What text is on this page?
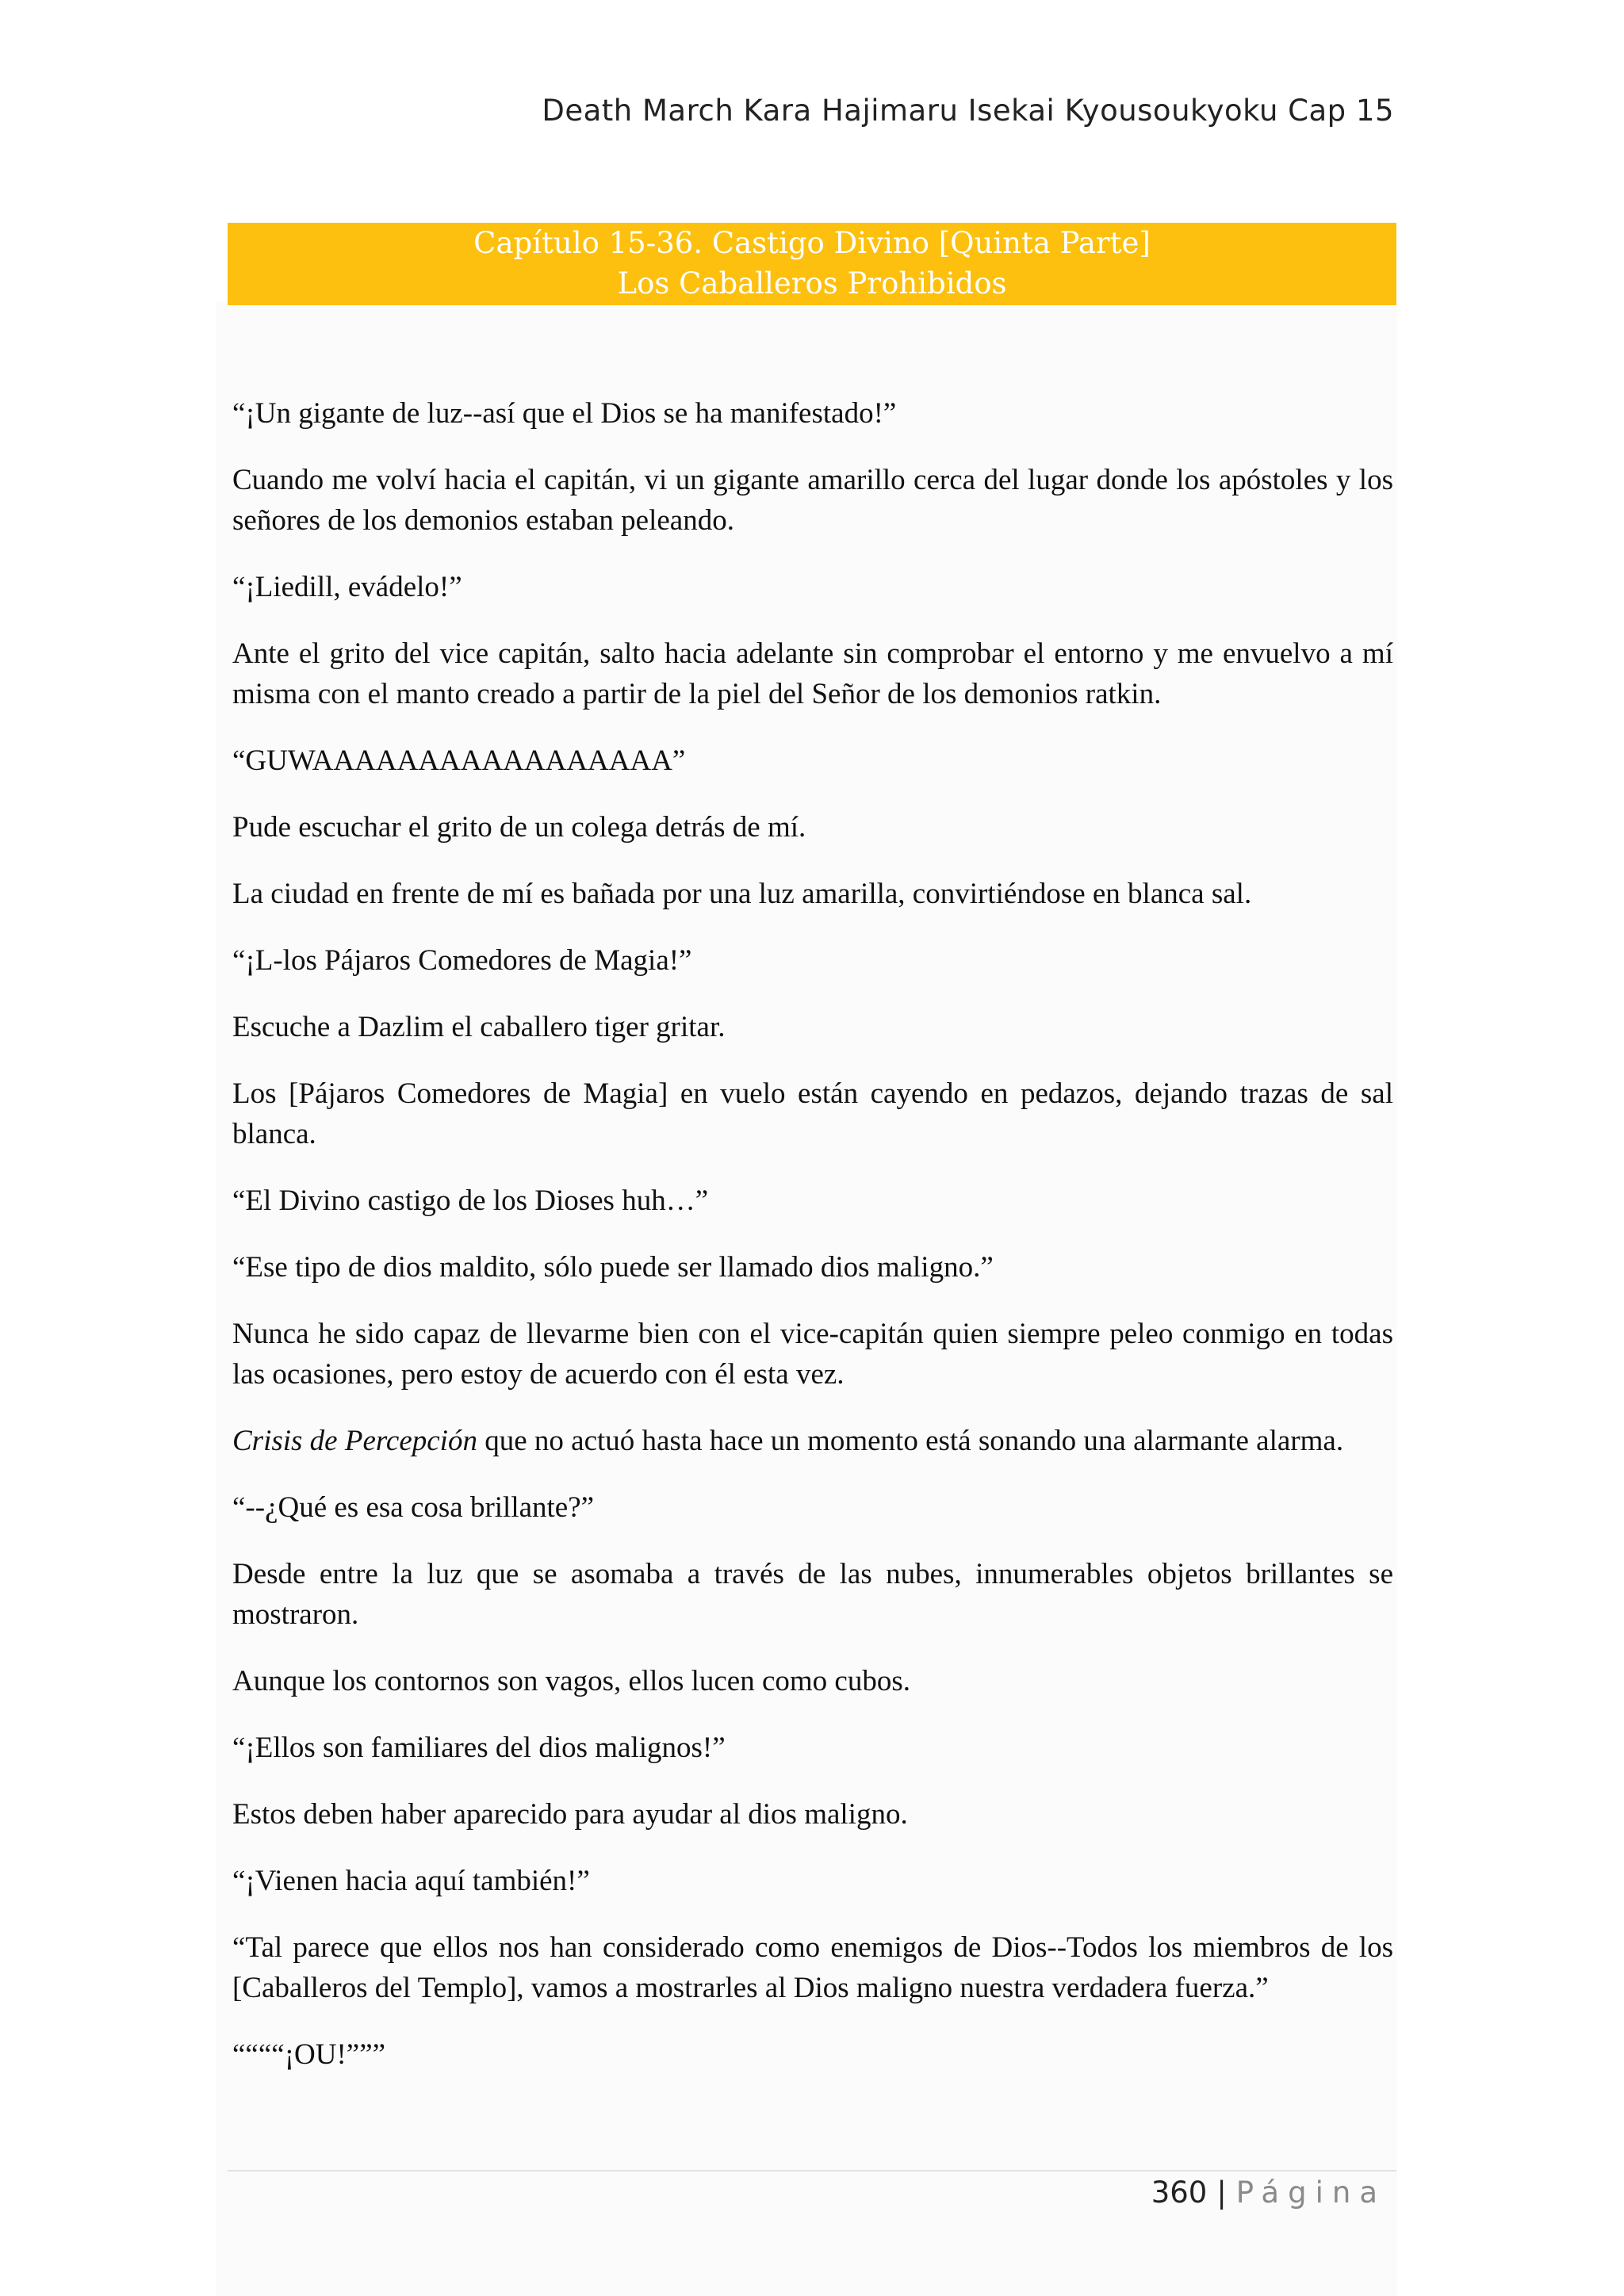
Death March Kara Hajimaru Isekai Kyousoukyoku Cap 15
Capítulo 15-36. Castigo Divino [Quinta Parte]
Los Caballeros Prohibidos

“¡Un gigante de luz--así que el Dios se ha manifestado!”

Cuando me volví hacia el capitán, vi un gigante amarillo cerca del lugar donde los apóstoles y los señores de los demonios estaban peleando.

“¡Liedill, evádelo!”

Ante el grito del vice capitán, salto hacia adelante sin comprobar el entorno y me envuelvo a mí misma con el manto creado a partir de la piel del Señor de los demonios ratkin.

“GUWAAAAAAAAAAAAAAAAA”

Pude escuchar el grito de un colega detrás de mí.

La ciudad en frente de mí es bañada por una luz amarilla, convirtiéndose en blanca sal.

“¡L-los Pájaros Comedores de Magia!”

Escuche a Dazlim el caballero tiger gritar.

Los [Pájaros Comedores de Magia] en vuelo están cayendo en pedazos, dejando trazas de sal blanca.

“El Divino castigo de los Dioses huh…”

“Ese tipo de dios maldito, sólo puede ser llamado dios maligno.”

Nunca he sido capaz de llevarme bien con el vice-capitán quien siempre peleo conmigo en todas las ocasiones, pero estoy de acuerdo con él esta vez.

Crisis de Percepción que no actuó hasta hace un momento está sonando una alarmante alarma.

“--¿Qué es esa cosa brillante?”

Desde entre la luz que se asomaba a través de las nubes, innumerables objetos brillantes se mostraron.

Aunque los contornos son vagos, ellos lucen como cubos.

“¡Ellos son familiares del dios malignos!”

Estos deben haber aparecido para ayudar al dios maligno.

“¡Vienen hacia aquí también!”

“Tal parece que ellos nos han considerado como enemigos de Dios--Todos los miembros de los [Caballeros del Templo], vamos a mostrarles al Dios maligno nuestra verdadera fuerza.”

““““¡OU!”””

360 | Página
